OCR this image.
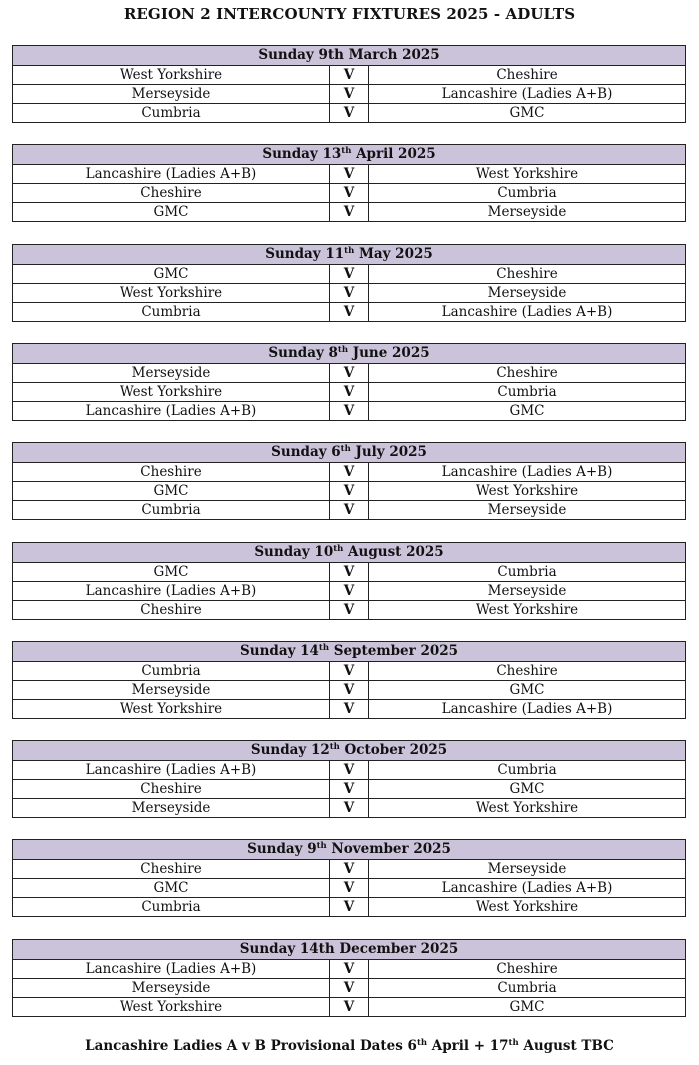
REGION 2 INTERCOUNTY FIXTURES 2025 - ADULTS
Sunday 9th March 2025		
West Yorkshire	V	Cheshire
Merseyside	V	Lancashire (Ladies A+B)
Cumbria	V	GMC
Sunday 13th April 2025		
Lancashire (Ladies A+B)	V	West Yorkshire
Cheshire	V	Cumbria
GMC	V	Merseyside
Sunday 11th May 2025		
GMC	V	Cheshire
West Yorkshire	V	Merseyside
Cumbria	V	Lancashire (Ladies A+B)
Sunday 8th June 2025		
Merseyside	V	Cheshire
West Yorkshire	V	Cumbria
Lancashire (Ladies A+B)	V	GMC
Sunday 6th July 2025		
Cheshire	V	Lancashire (Ladies A+B)
GMC	V	West Yorkshire
Cumbria	V	Merseyside
Sunday 10th August 2025		
GMC	V	Cumbria
Lancashire (Ladies A+B)	V	Merseyside
Cheshire	V	West Yorkshire
Sunday 14th September 2025		
Cumbria	V	Cheshire
Merseyside	V	GMC
West Yorkshire	V	Lancashire (Ladies A+B)
Sunday 12th October 2025		
Lancashire (Ladies A+B)	V	Cumbria
Cheshire	V	GMC
Merseyside	V	West Yorkshire
Sunday 9th November 2025		
Cheshire	V	Merseyside
GMC	V	Lancashire (Ladies A+B)
Cumbria	V	West Yorkshire
Sunday 14th December 2025		
Lancashire (Ladies A+B)	V	Cheshire
Merseyside	V	Cumbria
West Yorkshire	V	GMC
Lancashire Ladies A v B Provisional Dates 6th April + 17th August TBC
